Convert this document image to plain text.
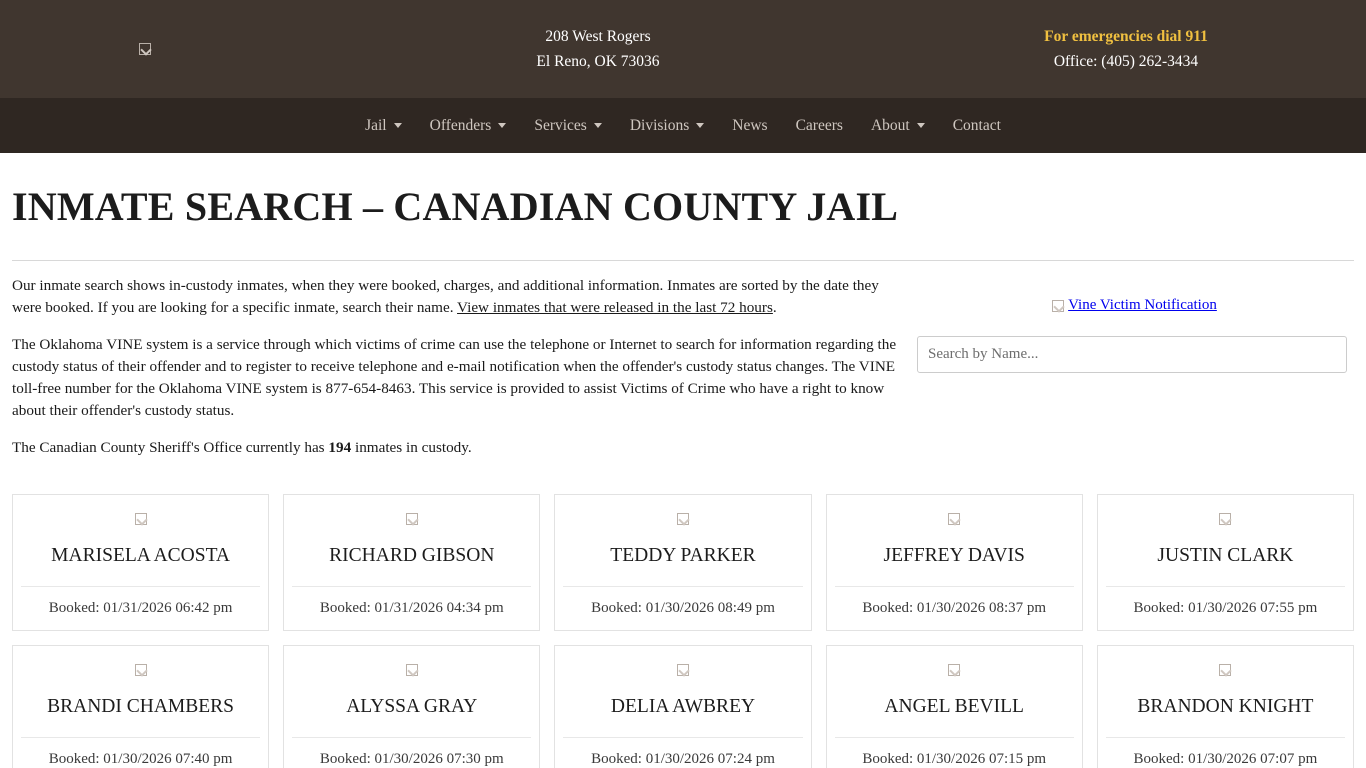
208 West Rogers
El Reno, OK 73036
For emergencies dial 911
Office: (405) 262-3434
Jail	Offenders	Services	Divisions	News Careers About	Contact
INMATE SEARCH – CANADIAN COUNTY JAIL

Our inmate search shows in-custody inmates, when they were booked, charges, and additional information. Inmates are sorted by the date they were booked. If you are looking for a specific inmate, search their name. View inmates that were released in the last 72 hours.

The Oklahoma VINE system is a service through which victims of crime can use the telephone or Internet to search for information regarding the custody status of their offender and to register to receive telephone and e-mail notification when the offender's custody status changes. The VINE toll-free number for the Oklahoma VINE system is 877-654-8463. This service is provided to assist Victims of Crime who have a right to know about their offender's custody status.

The Canadian County Sheriff's Office currently has 194 inmates in custody.

Vine Victim Notification
Search by Name...
MARISELA ACOSTA
Booked: 01/31/2026 06:42 pm
RICHARD GIBSON
Booked: 01/31/2026 04:34 pm
TEDDY PARKER
Booked: 01/30/2026 08:49 pm
JEFFREY DAVIS
Booked: 01/30/2026 08:37 pm
JUSTIN CLARK
Booked: 01/30/2026 07:55 pm
BRANDI CHAMBERS
Booked: 01/30/2026 07:40 pm
ALYSSA GRAY
Booked: 01/30/2026 07:30 pm
DELIA AWBREY
Booked: 01/30/2026 07:24 pm
ANGEL BEVILL
Booked: 01/30/2026 07:15 pm
BRANDON KNIGHT
Booked: 01/30/2026 07:07 pm
